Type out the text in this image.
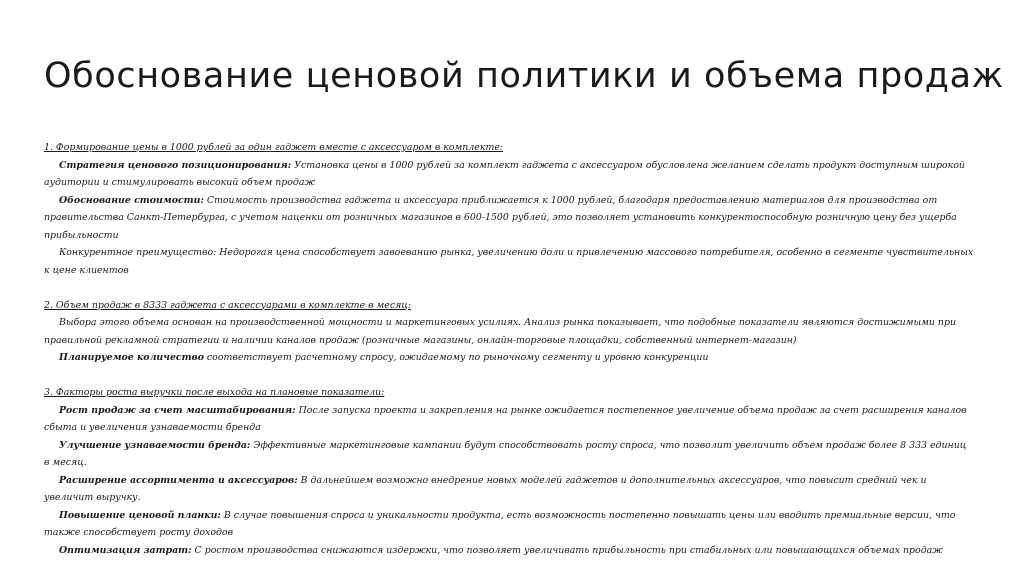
Обоснование ценовой политики и объема продаж
1. Формирование цены в 1000 рублей за один гаджет вместе с аксессуаром в комплекте:

Стратегия ценового позиционирования: Установка цены в 1000 рублей за комплект гаджета с аксессуаром обусловлена желанием сделать продукт доступным широкой аудитории и стимулировать высокий объем продаж

Обоснование стоимости: Стоимость производства гаджета и аксессуара приближается к 1000 рублей, благодаря предоставлению материалов для производства от правительства Санкт-Петербурга, с учетом наценки от розничных магазинов в 600-1500 рублей, это позволяет установить конкурентоспособную розничную цену без ущерба прибыльности

Конкурентное преимущество: Недорогая цена способствует завоеванию рынка, увеличению доли и привлечению массового потребителя, особенно в сегменте чувствительных к цене клиентов

2. Объем продаж в 8333 гаджета с аксессуарами в комплекте в месяц:

Выбора этого объема основан на производственной мощности и маркетинговых усилиях. Анализ рынка показывает, что подобные показатели являются достижимыми при правильной рекламной стратегии и наличии каналов продаж (розничные магазины, онлайн-торговые площадки, собственный интернет-магазин)

Планируемое количество соответствует расчетному спросу, ожидаемому по рыночному сегменту и уровню конкуренции

3. Факторы роста выручки после выхода на плановые показатели:

Рост продаж за счет масштабирования: После запуска проекта и закрепления на рынке ожидается постепенное увеличение объема продаж за счет расширения каналов сбыта и увеличения узнаваемости бренда

Улучшение узнаваемости бренда: Эффективные маркетинговые кампании будут способствовать росту спроса, что позволит увеличить объем продаж более 8 333 единиц в месяц.

Расширение ассортимента и аксессуаров: В дальнейшем возможно внедрение новых моделей гаджетов и дополнительных аксессуаров, что повысит средний чек и увеличит выручку.

Повышение ценовой планки: В случае повышения спроса и уникальности продукта, есть возможность постепенно повышать цены или вводить премиальные версии, что также способствует росту доходов

Оптимизация затрат: С ростом производства снижаются издержки, что позволяет увеличивать прибыльность при стабильных или повышающихся объемах продаж
